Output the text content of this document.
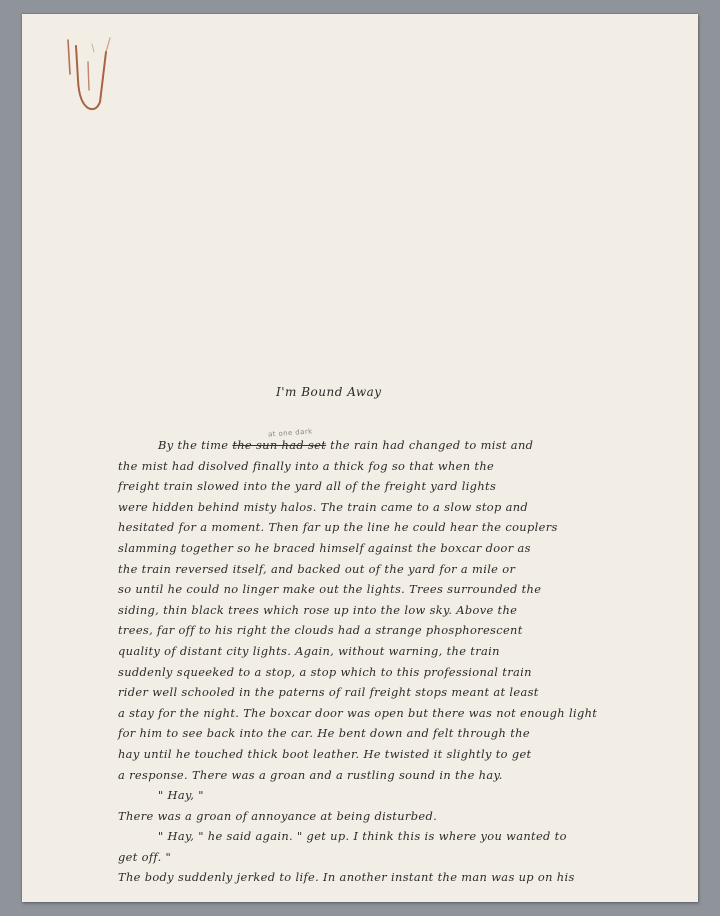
I'm Bound Away
at one dark
By the time the sun had set the rain had changed to mist and
the mist had disolved finally into a thick fog so that when the
freight train slowed into the yard all of the freight yard lights
were hidden behind misty halos. The train came to a slow stop and
hesitated for a moment. Then far up the line he could hear the couplers
slamming together so he braced himself against the boxcar door as
the train reversed itself, and backed out of the yard for a mile or
so until he could no linger make out the lights. Trees surrounded the
siding, thin black trees which rose up into the low sky. Above the
trees, far off to his right the clouds had a strange phosphorescent
quality of distant city lights. Again, without warning, the train
suddenly squeeked to a stop, a stop which to this professional train
rider well schooled in the paterns of rail freight stops meant at least
a stay for the night. The boxcar door was open but there was not enough light
for him to see back into the car. He bent down and felt through the
hay until he touched thick boot leather. He twisted it slightly to get
a response. There was a groan and a rustling sound in the hay.
" Hay, "
There was a groan of annoyance at being disturbed.
" Hay, " he said again. " get up. I think this is where you wanted to
get off. "
The body suddenly jerked to life. In another instant the man was up on his
